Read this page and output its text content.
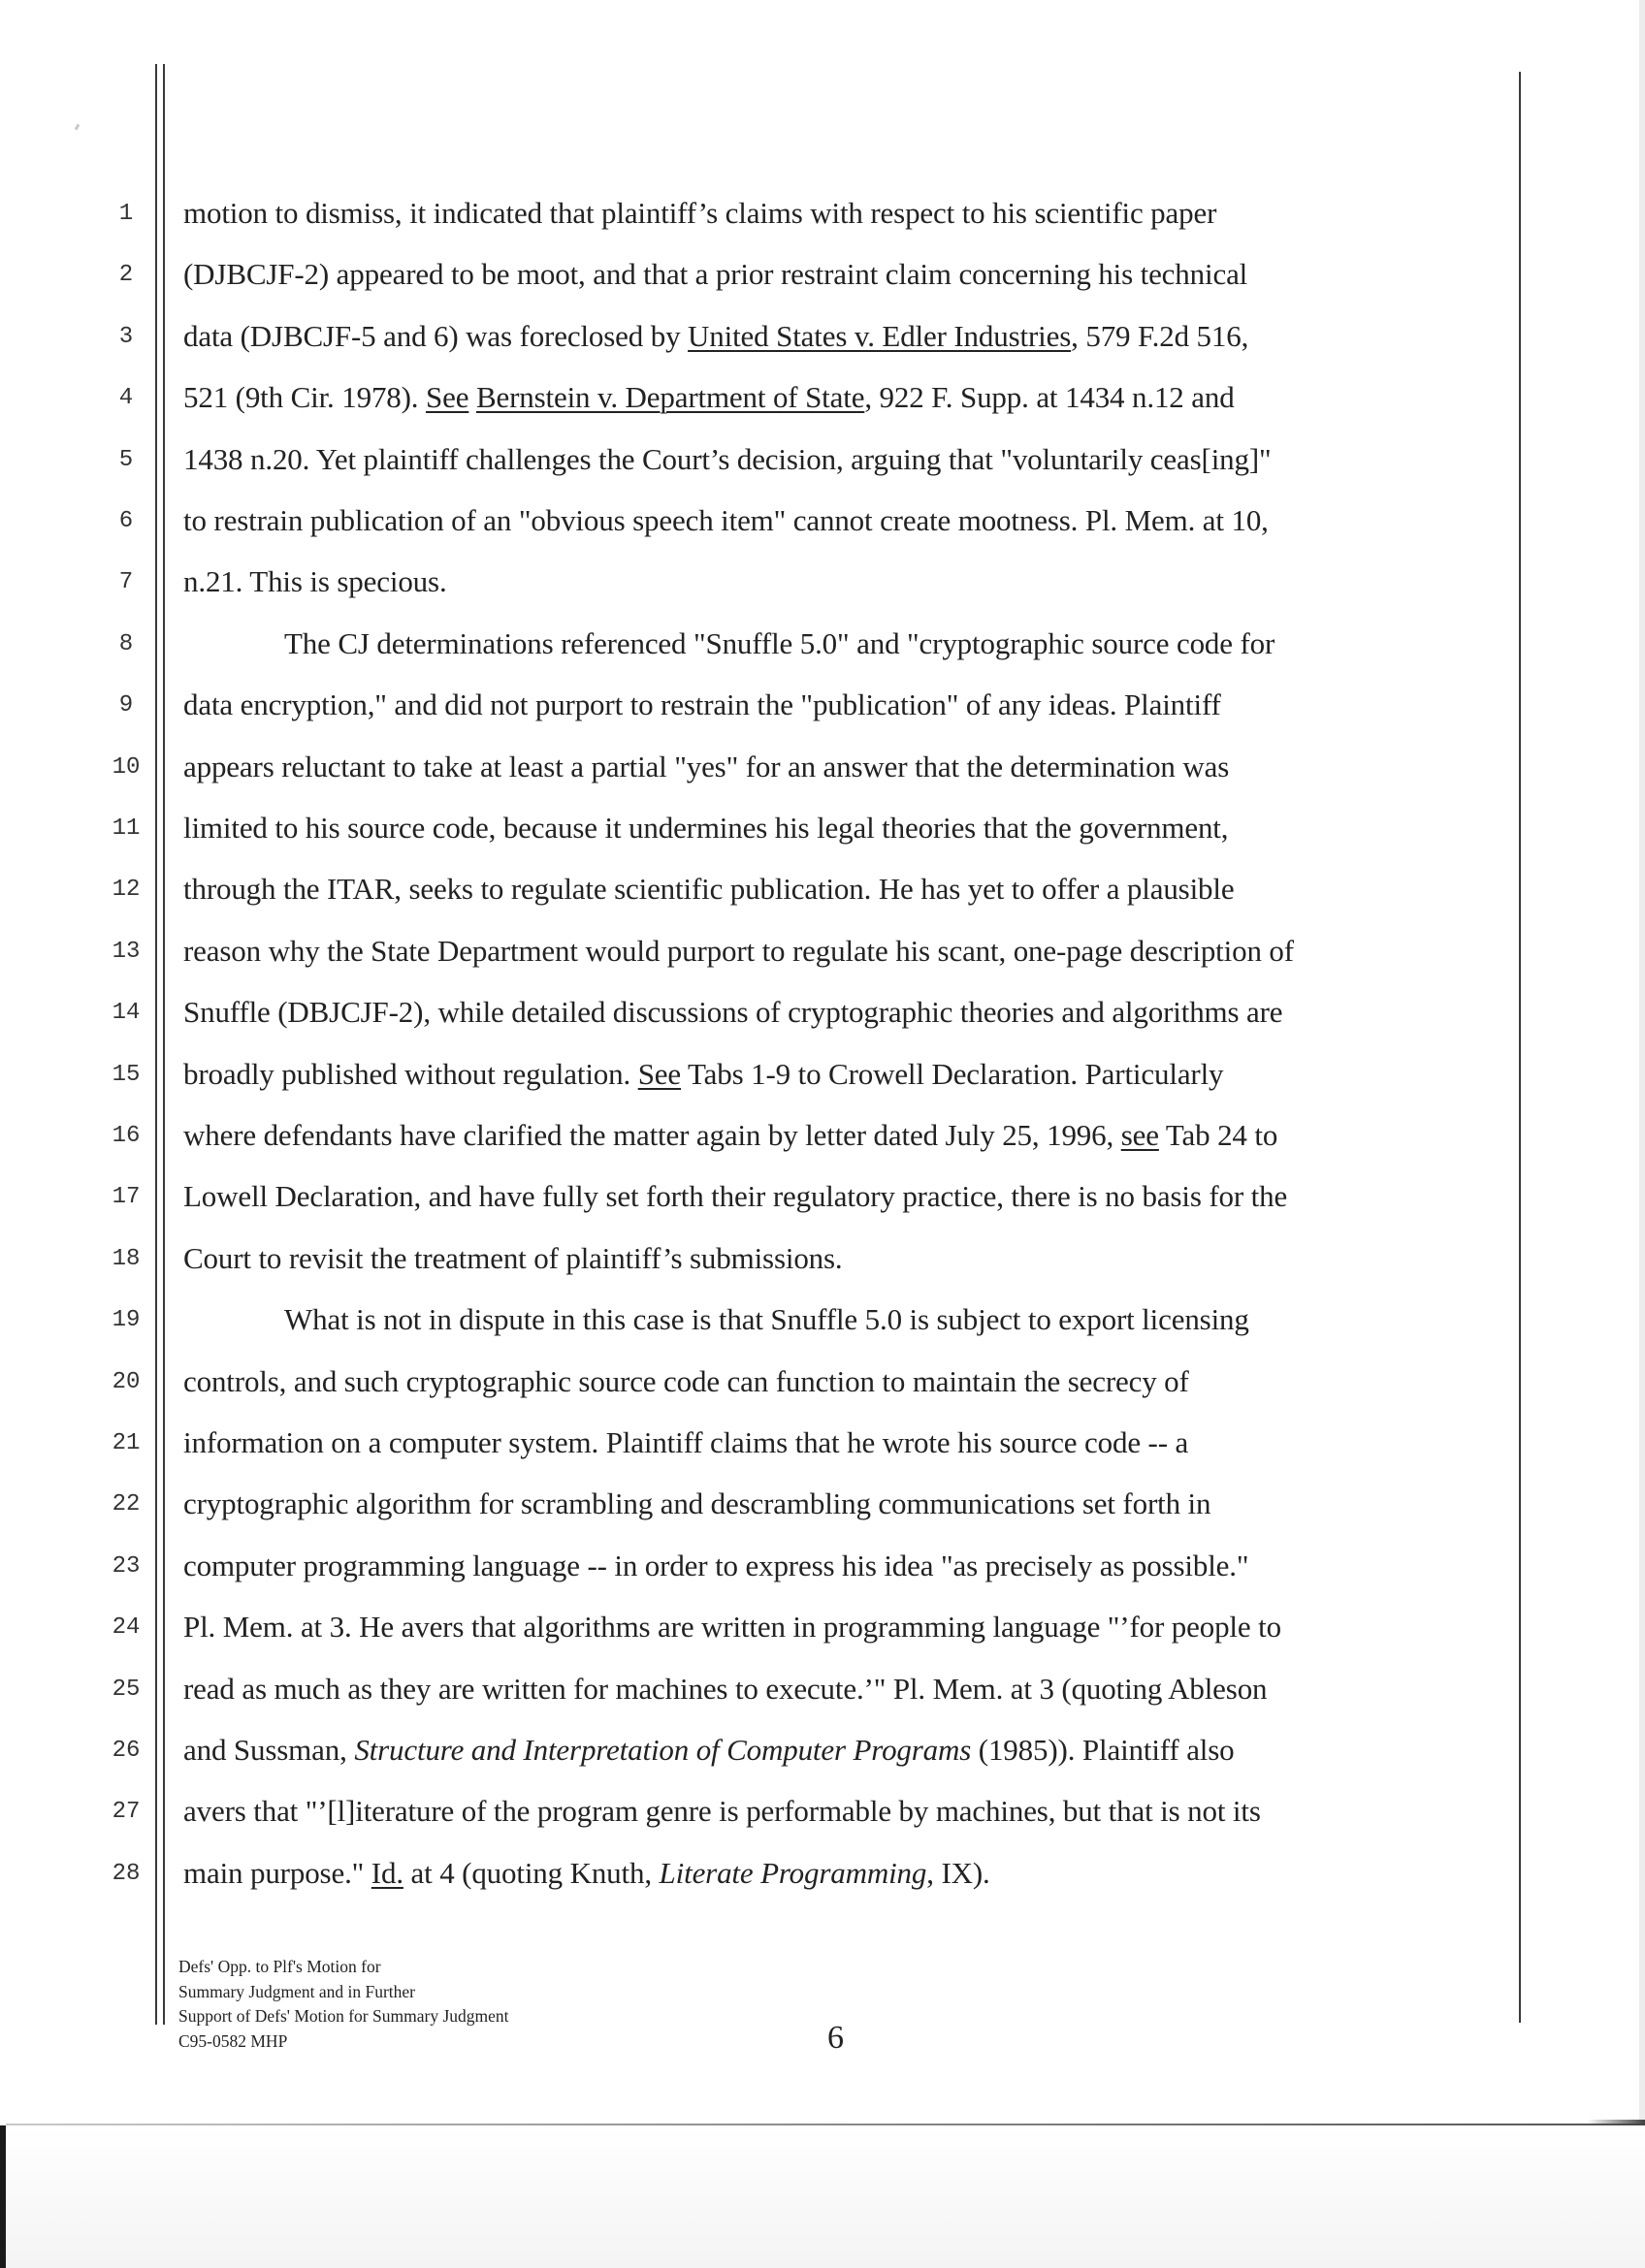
1
2
3
4
5
6
7
8
9
10
11
12
13
14
15
16
17
18
19
20
21
22
23
24
25
26
27
28
motion to dismiss, it indicated that plaintiff’s claims with respect to his scientific paper
(DJBCJF-2) appeared to be moot, and that a prior restraint claim concerning his technical
data (DJBCJF-5 and 6) was foreclosed by United States v. Edler Industries, 579 F.2d 516,
521 (9th Cir. 1978). See Bernstein v. Department of State, 922 F. Supp. at 1434 n.12 and
1438 n.20. Yet plaintiff challenges the Court’s decision, arguing that "voluntarily ceas[ing]"
to restrain publication of an "obvious speech item" cannot create mootness. Pl. Mem. at 10,
n.21. This is specious.
The CJ determinations referenced "Snuffle 5.0" and "cryptographic source code for
data encryption," and did not purport to restrain the "publication" of any ideas. Plaintiff
appears reluctant to take at least a partial "yes" for an answer that the determination was
limited to his source code, because it undermines his legal theories that the government,
through the ITAR, seeks to regulate scientific publication. He has yet to offer a plausible
reason why the State Department would purport to regulate his scant, one-page description of
Snuffle (DBJCJF-2), while detailed discussions of cryptographic theories and algorithms are
broadly published without regulation. See Tabs 1-9 to Crowell Declaration. Particularly
where defendants have clarified the matter again by letter dated July 25, 1996, see Tab 24 to
Lowell Declaration, and have fully set forth their regulatory practice, there is no basis for the
Court to revisit the treatment of plaintiff’s submissions.
What is not in dispute in this case is that Snuffle 5.0 is subject to export licensing
controls, and such cryptographic source code can function to maintain the secrecy of
information on a computer system. Plaintiff claims that he wrote his source code -- a
cryptographic algorithm for scrambling and descrambling communications set forth in
computer programming language -- in order to express his idea "as precisely as possible."
Pl. Mem. at 3. He avers that algorithms are written in programming language "’for people to
read as much as they are written for machines to execute.’" Pl. Mem. at 3 (quoting Ableson
and Sussman, Structure and Interpretation of Computer Programs (1985)). Plaintiff also
avers that "’[l]iterature of the program genre is performable by machines, but that is not its
main purpose." Id. at 4 (quoting Knuth, Literate Programming, IX).
Defs' Opp. to Plf's Motion for
Summary Judgment and in Further
Support of Defs' Motion for Summary Judgment
C95-0582 MHP	6
